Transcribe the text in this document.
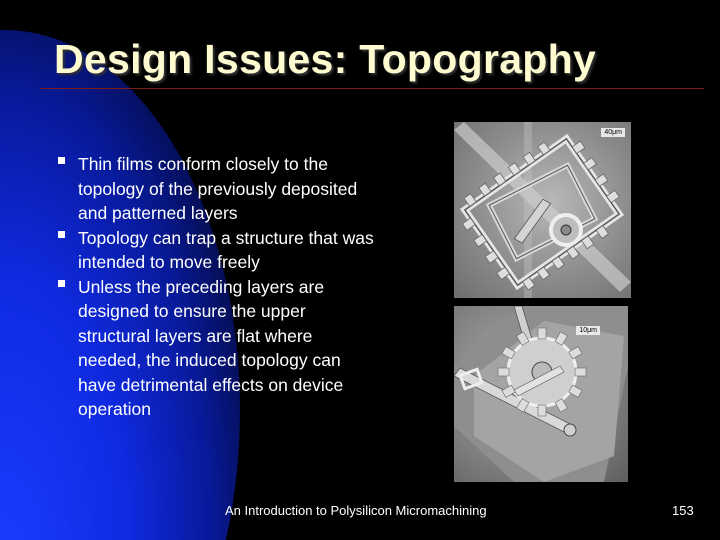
Design Issues: Topography
Thin films conform closely to the topology of the previously deposited and patterned layers
Topology can trap a structure that was intended to move freely
Unless the preceding layers are designed to ensure the upper structural layers are flat where needed, the induced topology can have detrimental effects on device operation
40μm
10μm
An Introduction to Polysilicon Micromachining	153
